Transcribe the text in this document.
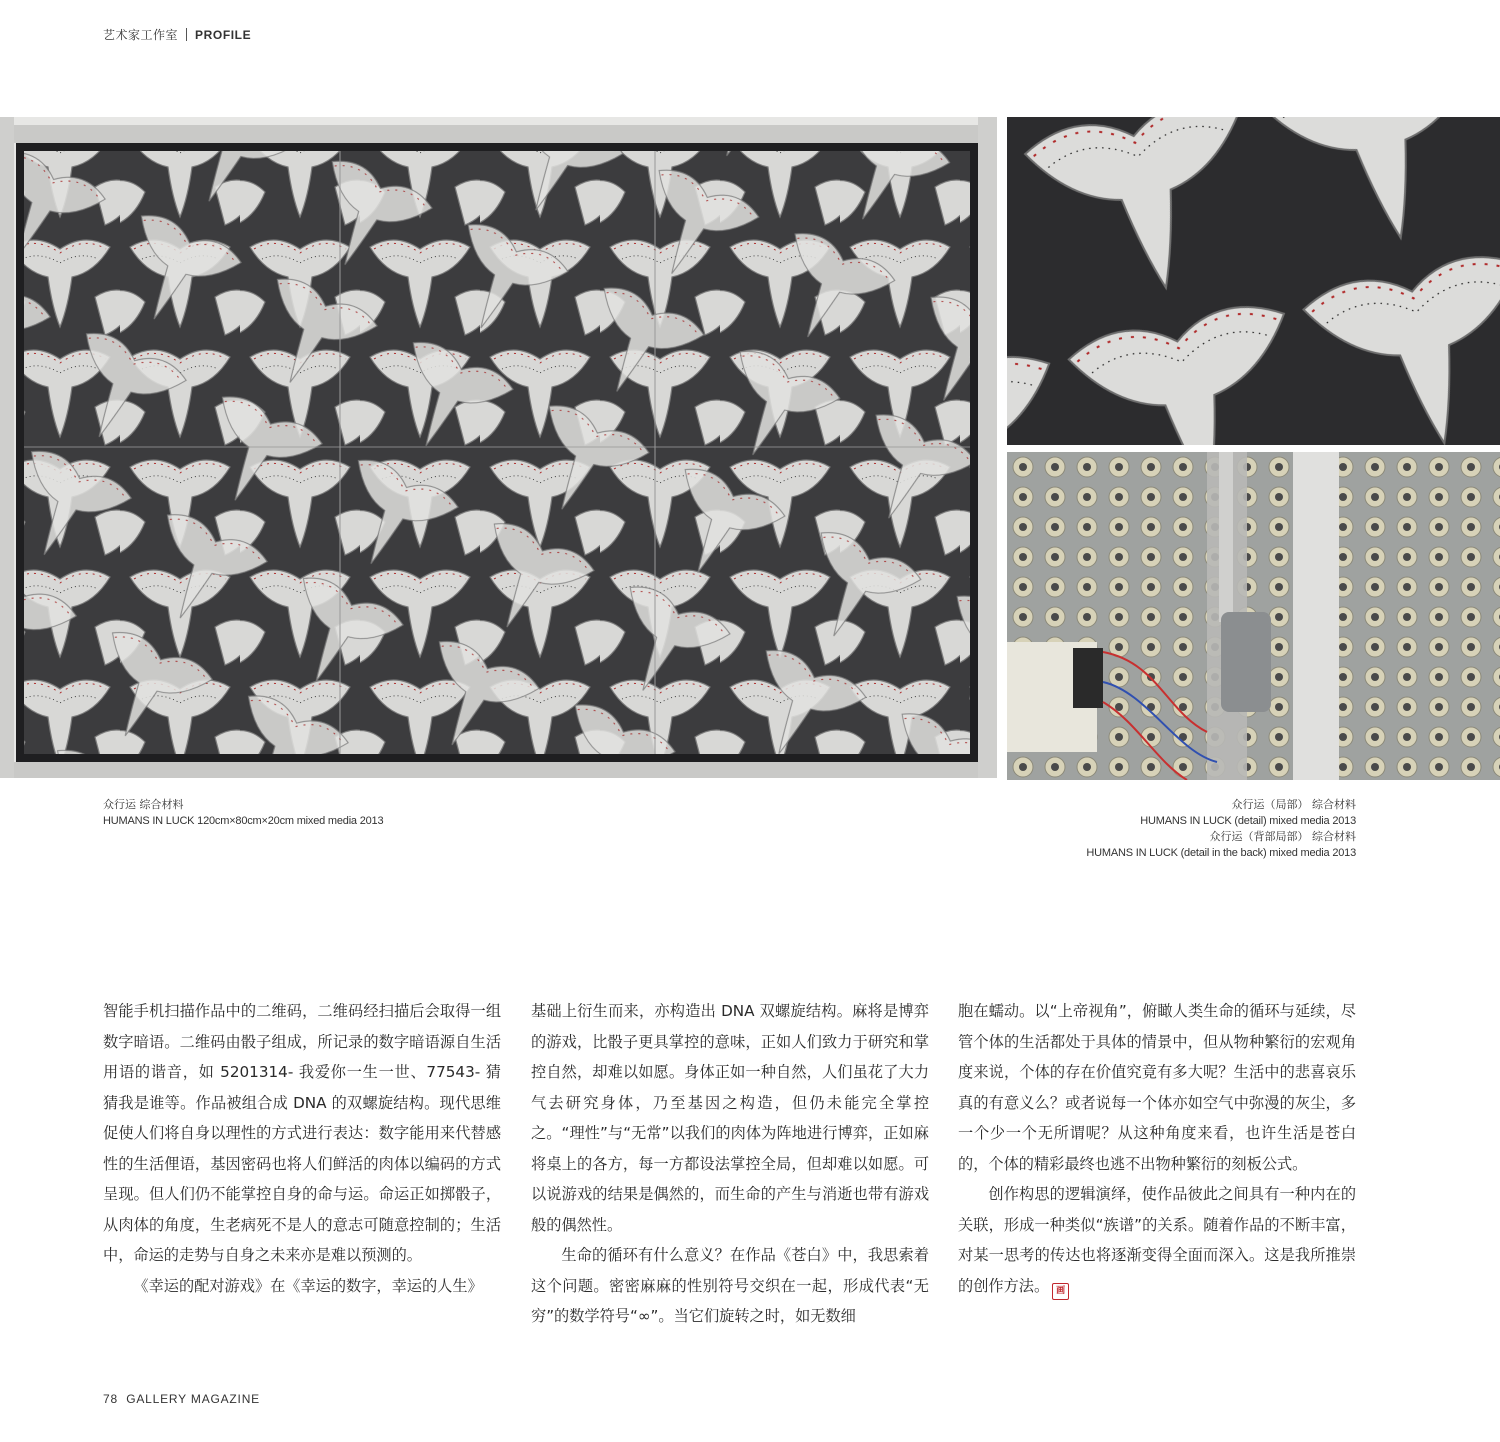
艺术家工作室 PROFILE
众行运 综合材料
HUMANS IN LUCK 120cm×80cm×20cm mixed media 2013
众行运（局部） 综合材料
HUMANS IN LUCK (detail) mixed media 2013
众行运（背部局部） 综合材料
HUMANS IN LUCK (detail in the back) mixed media 2013

智能手机扫描作品中的二维码，二维码经扫描后会取得一组数字暗语。二维码由骰子组成，所记录的数字暗语源自生活用语的谐音，如 5201314- 我爱你一生一世、77543- 猜猜我是谁等。作品被组合成 DNA 的双螺旋结构。现代思维促使人们将自身以理性的方式进行表达：数字能用来代替感性的生活俚语，基因密码也将人们鲜活的肉体以编码的方式呈现。但人们仍不能掌控自身的命与运。命运正如掷骰子，从肉体的角度，生老病死不是人的意志可随意控制的；生活中，命运的走势与自身之未来亦是难以预测的。

《幸运的配对游戏》在《幸运的数字，幸运的人生》

基础上衍生而来，亦构造出 DNA 双螺旋结构。麻将是博弈的游戏，比骰子更具掌控的意味，正如人们致力于研究和掌控自然，却难以如愿。身体正如一种自然，人们虽花了大力气去研究身体，乃至基因之构造，但仍未能完全掌控之。“理性”与“无常”以我们的肉体为阵地进行博弈，正如麻将桌上的各方，每一方都设法掌控全局，但却难以如愿。可以说游戏的结果是偶然的，而生命的产生与消逝也带有游戏般的偶然性。

生命的循环有什么意义？在作品《苍白》中，我思索着这个问题。密密麻麻的性别符号交织在一起，形成代表“无穷”的数学符号“∞”。当它们旋转之时，如无数细

胞在蠕动。以“上帝视角”，俯瞰人类生命的循环与延续，尽管个体的生活都处于具体的情景中，但从物种繁衍的宏观角度来说，个体的存在价值究竟有多大呢？生活中的悲喜哀乐真的有意义么？或者说每一个体亦如空气中弥漫的灰尘，多一个少一个无所谓呢？从这种角度来看，也许生活是苍白的，个体的精彩最终也逃不出物种繁衍的刻板公式。

创作构思的逻辑演绎，使作品彼此之间具有一种内在的关联，形成一种类似“族谱”的关系。随着作品的不断丰富，对某一思考的传达也将逐渐变得全面而深入。这是我所推崇的创作方法。 画

78 GALLERY MAGAZINE
